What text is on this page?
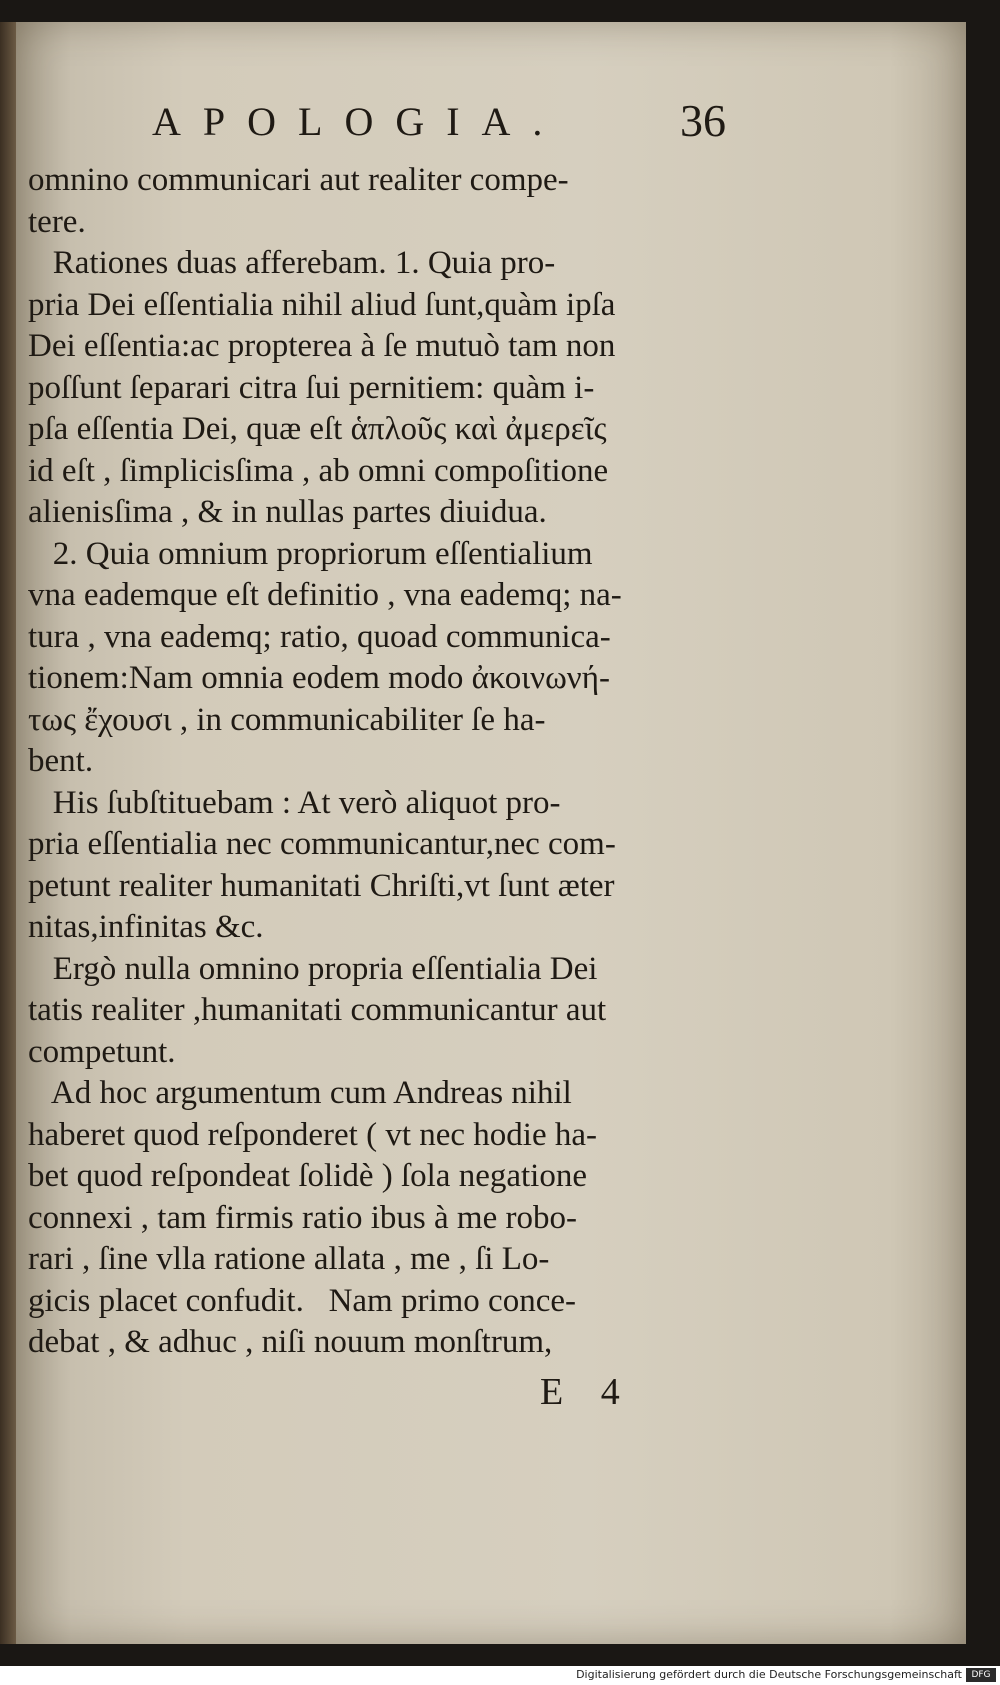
APOLOGIA.	36
omnino communicari aut realiter compe-
tere.
Rationes duas afferebam. 1. Quia pro-
pria Dei eſſentialia nihil aliud ſunt,quàm ipſa
Dei eſſentia:ac propterea à ſe mutuò tam non
poſſunt ſeparari citra ſui pernitiem: quàm i-
pſa eſſentia Dei, quæ eſt ἁπλοῦς καὶ ἀμερεῖς
id eſt , ſimplicisſima , ab omni compoſitione
alienisſima , & in nullas partes diuidua.
2. Quia omnium propriorum eſſentialium
vna eademque eſt definitio , vna eademq; na-
tura , vna eademq; ratio, quoad communica-
tionem:Nam omnia eodem modo ἀκοινωνή-
τως ἔχουσι , in communicabiliter ſe ha-
bent.
His ſubſtituebam : At verò aliquot pro-
pria eſſentialia nec communicantur,nec com-
petunt realiter humanitati Chriſti,vt ſunt æter
nitas,infinitas &c.
Ergò nulla omnino propria eſſentialia Dei
tatis realiter ,humanitati communicantur aut
competunt.
Ad hoc argumentum cum Andreas nihil
haberet quod reſponderet ( vt nec hodie ha-
bet quod reſpondeat ſolidè ) ſola negatione
connexi , tam firmis ratio ibus à me robo-
rari , ſine vlla ratione allata , me , ſi Lo-
gicis placet confudit.   Nam primo conce-
debat , & adhuc , niſi nouum monſtrum,
E 4
Digitalisierung gefördert durch die Deutsche Forschungsgemeinschaft	DFG
